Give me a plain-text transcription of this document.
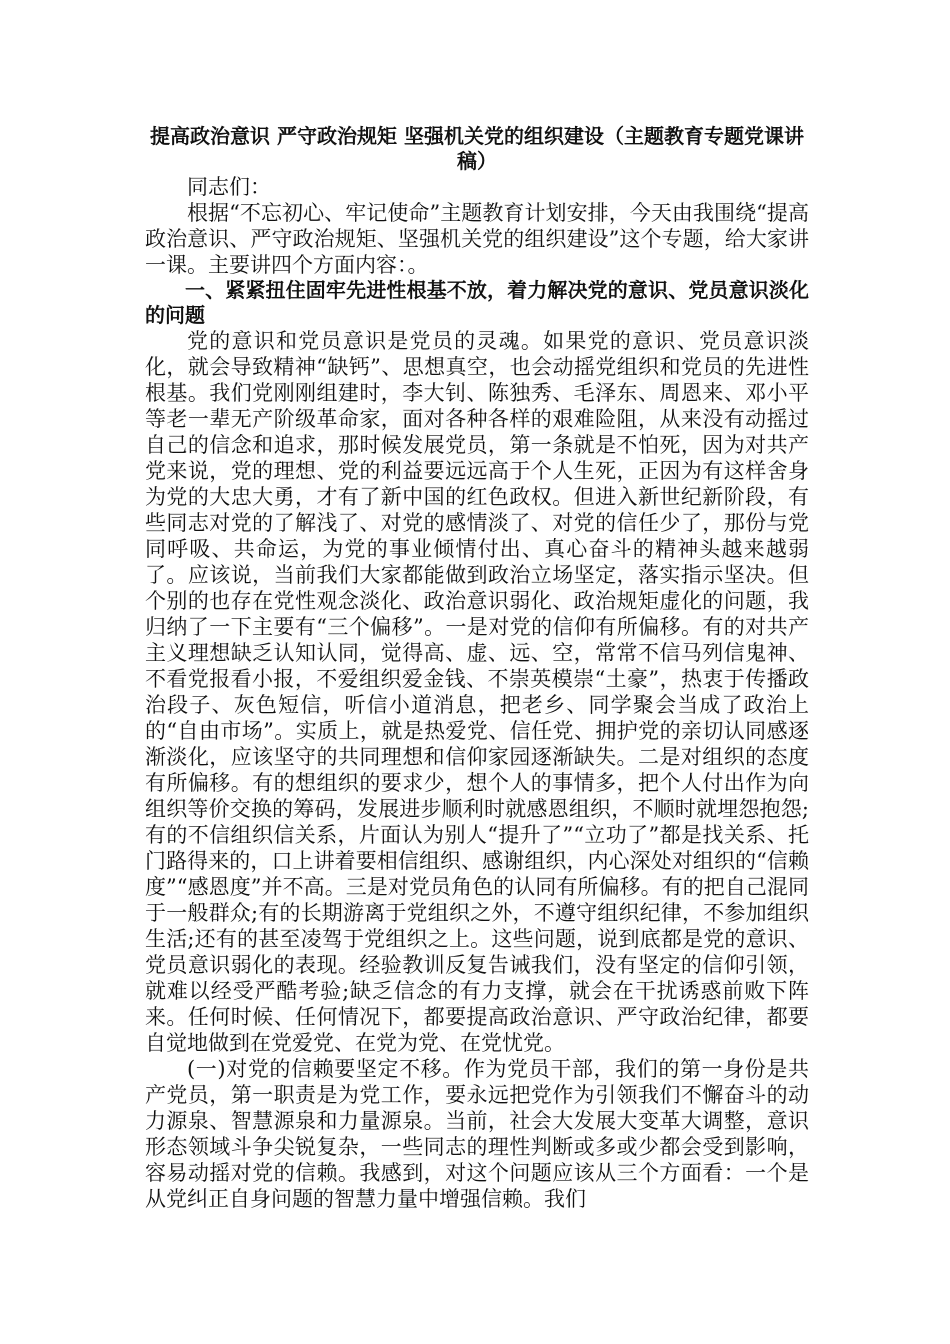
提高政治意识 严守政治规矩 坚强机关党的组织建设（主题教育专题党课讲稿）

同志们：

根据“不忘初心、牢记使命”主题教育计划安排，今天由我围绕“提高政治意识、严守政治规矩、坚强机关党的组织建设”这个专题，给大家讲一课。主要讲四个方面内容：。

一、紧紧扭住固牢先进性根基不放，着力解决党的意识、党员意识淡化的问题

党的意识和党员意识是党员的灵魂。如果党的意识、党员意识淡化，就会导致精神“缺钙”、思想真空，也会动摇党组织和党员的先进性根基。我们党刚刚组建时，李大钊、陈独秀、毛泽东、周恩来、邓小平等老一辈无产阶级革命家，面对各种各样的艰难险阻，从来没有动摇过自己的信念和追求，那时候发展党员，第一条就是不怕死，因为对共产党来说，党的理想、党的利益要远远高于个人生死，正因为有这样舍身为党的大忠大勇，才有了新中国的红色政权。但进入新世纪新阶段，有些同志对党的了解浅了、对党的感情淡了、对党的信任少了，那份与党同呼吸、共命运，为党的事业倾情付出、真心奋斗的精神头越来越弱了。应该说，当前我们大家都能做到政治立场坚定，落实指示坚决。但个别的也存在党性观念淡化、政治意识弱化、政治规矩虚化的问题，我归纳了一下主要有“三个偏移”。一是对党的信仰有所偏移。有的对共产主义理想缺乏认知认同，觉得高、虚、远、空，常常不信马列信鬼神、不看党报看小报，不爱组织爱金钱、不崇英模崇“土豪”，热衷于传播政治段子、灰色短信，听信小道消息，把老乡、同学聚会当成了政治上的“自由市场”。实质上，就是热爱党、信任党、拥护党的亲切认同感逐渐淡化，应该坚守的共同理想和信仰家园逐渐缺失。二是对组织的态度有所偏移。有的想组织的要求少，想个人的事情多，把个人付出作为向组织等价交换的筹码，发展进步顺利时就感恩组织，不顺时就埋怨抱怨;有的不信组织信关系，片面认为别人“提升了”“立功了”都是找关系、托门路得来的，口上讲着要相信组织、感谢组织，内心深处对组织的“信赖度”“感恩度”并不高。三是对党员角色的认同有所偏移。有的把自己混同于一般群众;有的长期游离于党组织之外，不遵守组织纪律，不参加组织生活;还有的甚至凌驾于党组织之上。这些问题，说到底都是党的意识、党员意识弱化的表现。经验教训反复告诫我们，没有坚定的信仰引领，就难以经受严酷考验;缺乏信念的有力支撑，就会在干扰诱惑前败下阵来。任何时候、任何情况下，都要提高政治意识、严守政治纪律，都要自觉地做到在党爱党、在党为党、在党忧党。

(一)对党的信赖要坚定不移。作为党员干部，我们的第一身份是共产党员，第一职责是为党工作，要永远把党作为引领我们不懈奋斗的动力源泉、智慧源泉和力量源泉。当前，社会大发展大变革大调整，意识形态领域斗争尖锐复杂，一些同志的理性判断或多或少都会受到影响，容易动摇对党的信赖。我感到，对这个问题应该从三个方面看：一个是从党纠正自身问题的智慧力量中增强信赖。我们
